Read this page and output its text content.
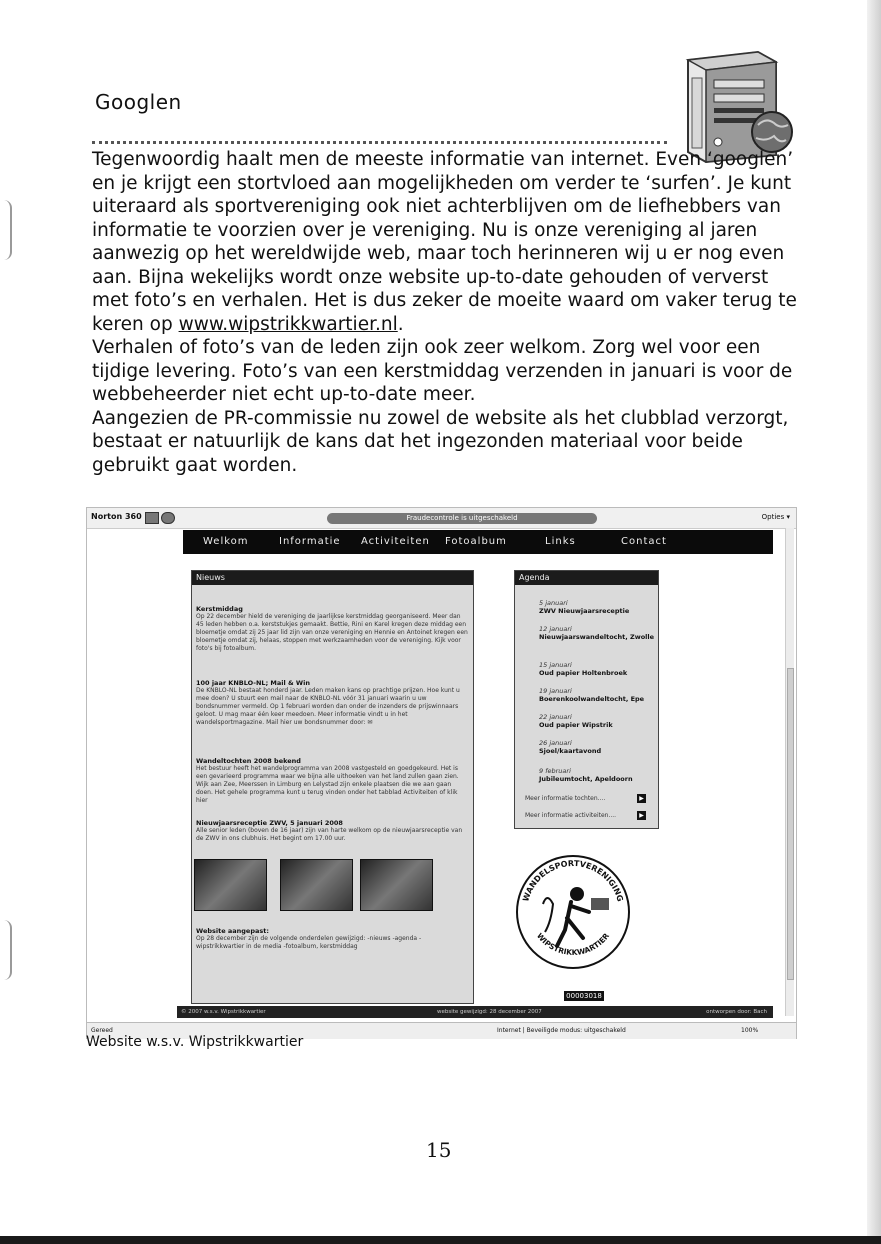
Googlen

Tegenwoordig haalt men de meeste informatie van internet. Even ‘googlen’ en je krijgt een stortvloed aan mogelijkheden om verder te ‘surfen’. Je kunt uiteraard als sportvereniging ook niet achterblijven om de liefhebbers van informatie te voorzien over je vereniging. Nu is onze vereniging al jaren aanwezig op het wereldwijde web, maar toch herinneren wij u er nog even aan. Bijna wekelijks wordt onze website up-to-date gehouden of ververst met foto’s en verhalen. Het is dus zeker de moeite waard om vaker terug te keren op www.wipstrikkwartier.nl.

Verhalen of foto’s van de leden zijn ook zeer welkom. Zorg wel voor een tijdige levering. Foto’s van een kerstmiddag verzenden in januari is voor de webbeheerder niet echt up-to-date meer.

Aangezien de PR-commissie nu zowel de website als het clubblad verzorgt, bestaat er natuurlijk de kans dat het ingezonden materiaal voor beide gebruikt gaat worden.

Norton 360	Fraudecontrole is uitgeschakeld	Opties ▾
Welkom	Informatie Activiteiten Fotoalbum	Links	Contact
Nieuws
Kerstmiddag
Op 22 december hield de vereniging de jaarlijkse kerstmiddag georganiseerd. Meer dan 45 leden hebben o.a. kerststukjes gemaakt. Bettie, Rini en Karel kregen deze middag een bloemetje omdat zij 25 jaar lid zijn van onze vereniging en Hennie en Antoinet kregen een bloemetje omdat zij, helaas, stoppen met werkzaamheden voor de vereniging. Kijk voor foto's bij fotoalbum.
100 jaar KNBLO-NL; Mail & Win
De KNBLO-NL bestaat honderd jaar. Leden maken kans op prachtige prijzen. Hoe kunt u mee doen? U stuurt een mail naar de KNBLO-NL vóór 31 januari waarin u uw bondsnummer vermeld. Op 1 februari worden dan onder de inzenders de prijswinnaars geloot. U mag maar één keer meedoen. Meer informatie vindt u in het wandelsportmagazine. Mail hier uw bondsnummer door: ✉
Wandeltochten 2008 bekend
Het bestuur heeft het wandelprogramma van 2008 vastgesteld en goedgekeurd. Het is een gevarieerd programma waar we bijna alle uithoeken van het land zullen gaan zien. Wijk aan Zee, Meerssen in Limburg en Lelystad zijn enkele plaatsen die we aan gaan doen. Het gehele programma kunt u terug vinden onder het tabblad Activiteiten of klik hier
Nieuwjaarsreceptie ZWV, 5 januari 2008
Alle senior leden (boven de 16 jaar) zijn van harte welkom op de nieuwjaarsreceptie van de ZWV in ons clubhuis. Het begint om 17.00 uur.
Website aangepast:
Op 28 december zijn de volgende onderdelen gewijzigd: -nieuws -agenda -wipstrikkwartier in de media -fotoalbum, kerstmiddag
Agenda
5 januari
ZWV Nieuwjaarsreceptie
12 januari
Nieuwjaarswandeltocht, Zwolle
15 januari
Oud papier Holtenbroek
19 januari
Boerenkoolwandeltocht, Epe
22 januari
Oud papier Wipstrik
26 januari
Sjoel/kaartavond
9 februari
Jubileumtocht, Apeldoorn
Meer informatie tochten....	▶
Meer informatie activiteiten....	▶
WANDELSPORTVERENIGING
WIPSTRIKKWARTIER
00003018
© 2007 w.s.v. Wipstrikkwartier	website gewijzigd: 28 december 2007	ontworpen door: Bach
Gereed	Internet | Beveiligde modus: uitgeschakeld	100%
Website w.s.v. Wipstrikkwartier
15
